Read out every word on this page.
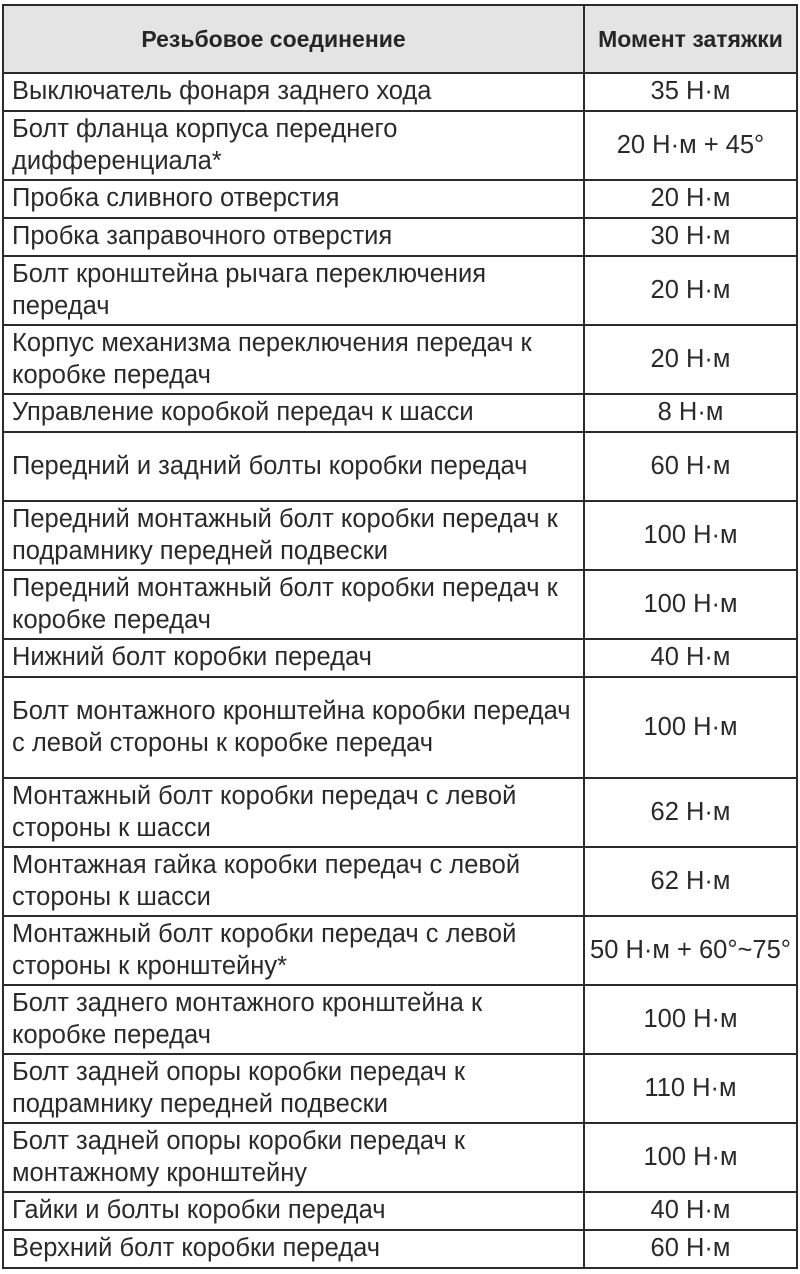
Резьбовое соединение	Момент затяжки
Выключатель фонаря заднего хода	35 Н·м
Болт фланца корпуса переднего дифференциала*	20 Н·м + 45°
Пробка сливного отверстия	20 Н·м
Пробка заправочного отверстия	30 Н·м
Болт кронштейна рычага переключения передач	20 Н·м
Корпус механизма переключения передач к коробке передач	20 Н·м
Управление коробкой передач к шасси	8 Н·м
Передний и задний болты коробки передач	60 Н·м
Передний монтажный болт коробки передач к подрамнику передней подвески	100 Н·м
Передний монтажный болт коробки передач к коробке передач	100 Н·м
Нижний болт коробки передач	40 Н·м
Болт монтажного кронштейна коробки передач с левой стороны к коробке передач	100 Н·м
Монтажный болт коробки передач с левой стороны к шасси	62 Н·м
Монтажная гайка коробки передач с левой стороны к шасси	62 Н·м
Монтажный болт коробки передач с левой стороны к кронштейну*	50 Н·м + 60°~75°
Болт заднего монтажного кронштейна к коробке передач	100 Н·м
Болт задней опоры коробки передач к подрамнику передней подвески	110 Н·м
Болт задней опоры коробки передач к монтажному кронштейну	100 Н·м
Гайки и болты коробки передач	40 Н·м
Верхний болт коробки передач	60 Н·м
